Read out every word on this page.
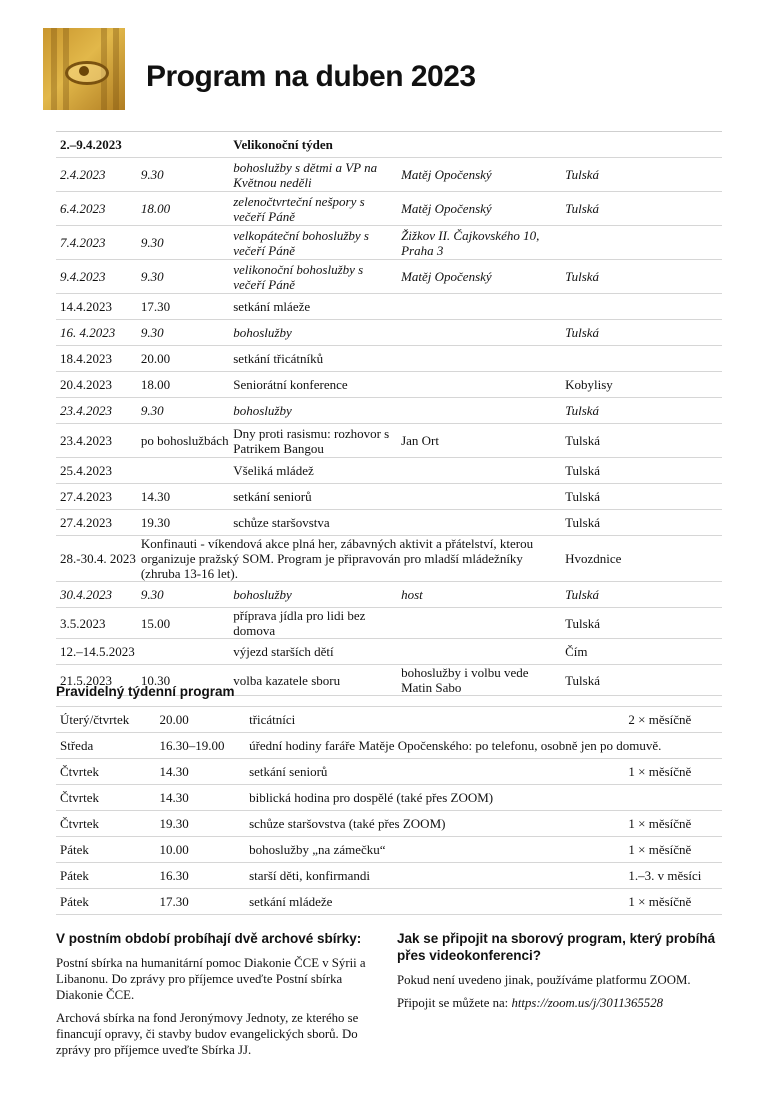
Program na duben 2023
2.–9.4.2023		Velikonoční týden		
2.4.2023	9.30	bohoslužby s dětmi a VP na Květnou neděli	Matěj Opočenský	Tulská
6.4.2023	18.00	zelenočtvrteční nešpory s večeří Páně	Matěj Opočenský	Tulská
7.4.2023	9.30	velkopáteční bohoslužby s večeří Páně	Žižkov II. Čajkovského 10, Praha 3	
9.4.2023	9.30	velikonoční bohoslužby s večeří Páně	Matěj Opočenský	Tulská
14.4.2023	17.30	setkání mláeže		
16. 4.2023	9.30	bohoslužby		Tulská
18.4.2023	20.00	setkání třicátníků		
20.4.2023	18.00	Seniorátní konference		Kobylisy
23.4.2023	9.30	bohoslužby		Tulská
23.4.2023	po bohoslužbách	Dny proti rasismu: rozhovor s Patrikem Bangou	Jan Ort	Tulská
25.4.2023		Všeliká mládež		Tulská
27.4.2023	14.30	setkání seniorů		Tulská
27.4.2023	19.30	schůze staršovstva		Tulská
28.-30.4. 2023	Konfinauti - víkendová akce plná her, zábavných aktivit a přátelství, kterou organizuje pražský SOM. Program je připravován pro mladší mládežníky (zhruba 13-16 let).			Hvozdnice
30.4.2023	9.30	bohoslužby	host	Tulská
3.5.2023	15.00	příprava jídla pro lidi bez domova		Tulská
12.–14.5.2023		výjezd starších dětí		Čím
21.5.2023	10.30	volba kazatele sboru	bohoslužby i volbu vede Matin Sabo	Tulská
Pravidelný týdenní program
Úterý/čtvrtek	20.00	třicátníci	2 × měsíčně
Středa	16.30–19.00	úřední hodiny faráře Matěje Opočenského: po telefonu, osobně jen po domuvě.	
Čtvrtek	14.30	setkání seniorů	1 × měsíčně
Čtvrtek	14.30	biblická hodina pro dospělé (také přes ZOOM)	
Čtvrtek	19.30	schůze staršovstva (také přes ZOOM)	1 × měsíčně
Pátek	10.00	bohoslužby „na zámečku“	1 × měsíčně
Pátek	16.30	starší děti, konfirmandi	1.–3. v měsíci
Pátek	17.30	setkání mládeže	1 × měsíčně
V postním období probíhají dvě archové sbírky:

Postní sbírka na humanitární pomoc Diakonie ČCE v Sýrii a Libanonu. Do zprávy pro příjemce uveďte Postní sbírka Diakonie ČCE.

Archová sbírka na fond Jeronýmovy Jednoty, ze kterého se financují opravy, či stavby budov evangelických sborů. Do zprávy pro příjemce uveďte Sbírka JJ.

Jak se připojit na sborový program, který probíhá přes videokonferenci?

Pokud není uvedeno jinak, používáme platformu ZOOM.

Připojit se můžete na: https://zoom.us/j/3011365528
